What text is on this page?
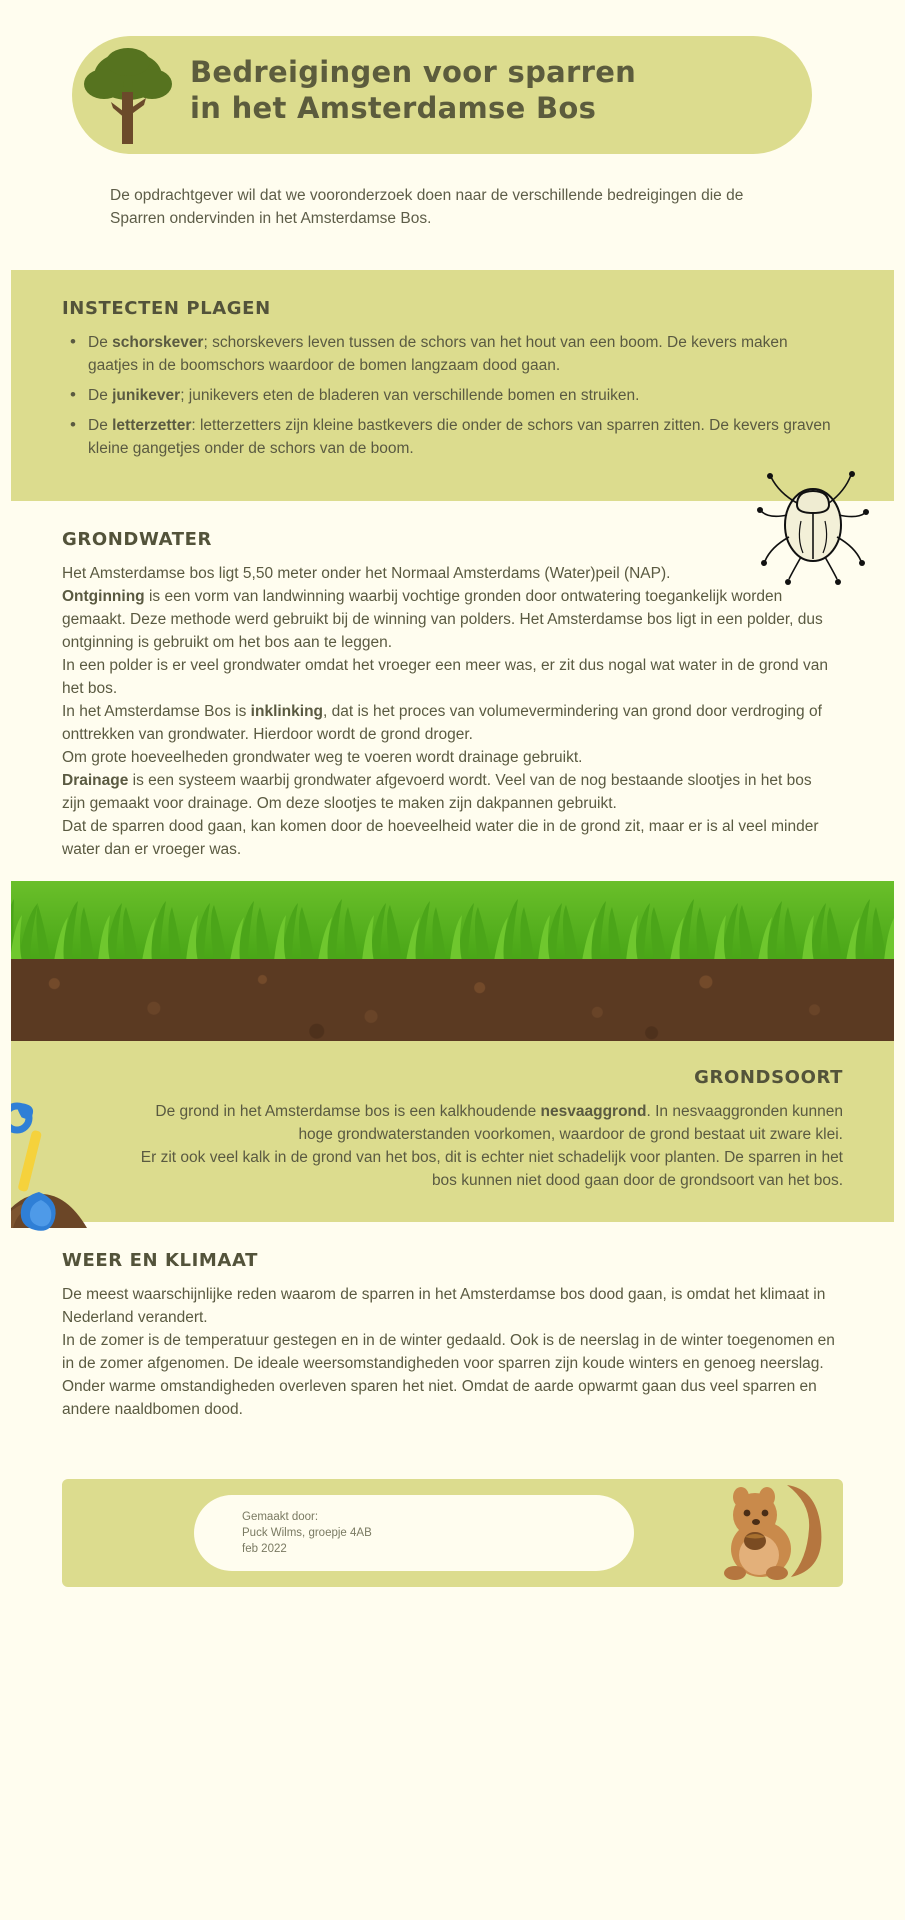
Bedreigingen voor sparren
in het Amsterdamse Bos
De opdrachtgever wil dat we vooronderzoek doen naar de verschillende bedreigingen die de Sparren ondervinden in het Amsterdamse Bos.
INSTECTEN PLAGEN
• De schorskever; schorskevers leven tussen de schors van het hout van een boom. De kevers maken gaatjes in de boomschors waardoor de bomen langzaam dood gaan.
• De junikever; junikevers eten de bladeren van verschillende bomen en struiken.
• De letterzetter: letterzetters zijn kleine bastkevers die onder de schors van sparren zitten. De kevers graven kleine gangetjes onder de schors van de boom.
GRONDWATER

Het Amsterdamse bos ligt 5,50 meter onder het Normaal Amsterdams (Water)peil (NAP).

Ontginning is een vorm van landwinning waarbij vochtige gronden door ontwatering toegankelijk worden gemaakt. Deze methode werd gebruikt bij de winning van polders. Het Amsterdamse bos ligt in een polder, dus ontginning is gebruikt om het bos aan te leggen.

In een polder is er veel grondwater omdat het vroeger een meer was, er zit dus nogal wat water in de grond van het bos.

In het Amsterdamse Bos is inklinking, dat is het proces van volumevermindering van grond door verdroging of onttrekken van grondwater. Hierdoor wordt de grond droger.

Om grote hoeveelheden grondwater weg te voeren wordt drainage gebruikt.

Drainage is een systeem waarbij grondwater afgevoerd wordt. Veel van de nog bestaande slootjes in het bos zijn gemaakt voor drainage. Om deze slootjes te maken zijn dakpannen gebruikt.

Dat de sparren dood gaan, kan komen door de hoeveelheid water die in de grond zit, maar er is al veel minder water dan er vroeger was.

GRONDSOORT

De grond in het Amsterdamse bos is een kalkhoudende nesvaaggrond. In nesvaaggronden kunnen hoge grondwaterstanden voorkomen, waardoor de grond bestaat uit zware klei.

Er zit ook veel kalk in de grond van het bos, dit is echter niet schadelijk voor planten. De sparren in het bos kunnen niet dood gaan door de grondsoort van het bos.

WEER EN KLIMAAT

De meest waarschijnlijke reden waarom de sparren in het Amsterdamse bos dood gaan, is omdat het klimaat in Nederland verandert.

In de zomer is de temperatuur gestegen en in de winter gedaald. Ook is de neerslag in de winter toegenomen en in de zomer afgenomen. De ideale weersomstandigheden voor sparren zijn koude winters en genoeg neerslag. Onder warme omstandigheden overleven sparen het niet. Omdat de aarde opwarmt gaan dus veel sparren en andere naaldbomen dood.

Gemaakt door:
Puck Wilms, groepje 4AB
feb 2022
